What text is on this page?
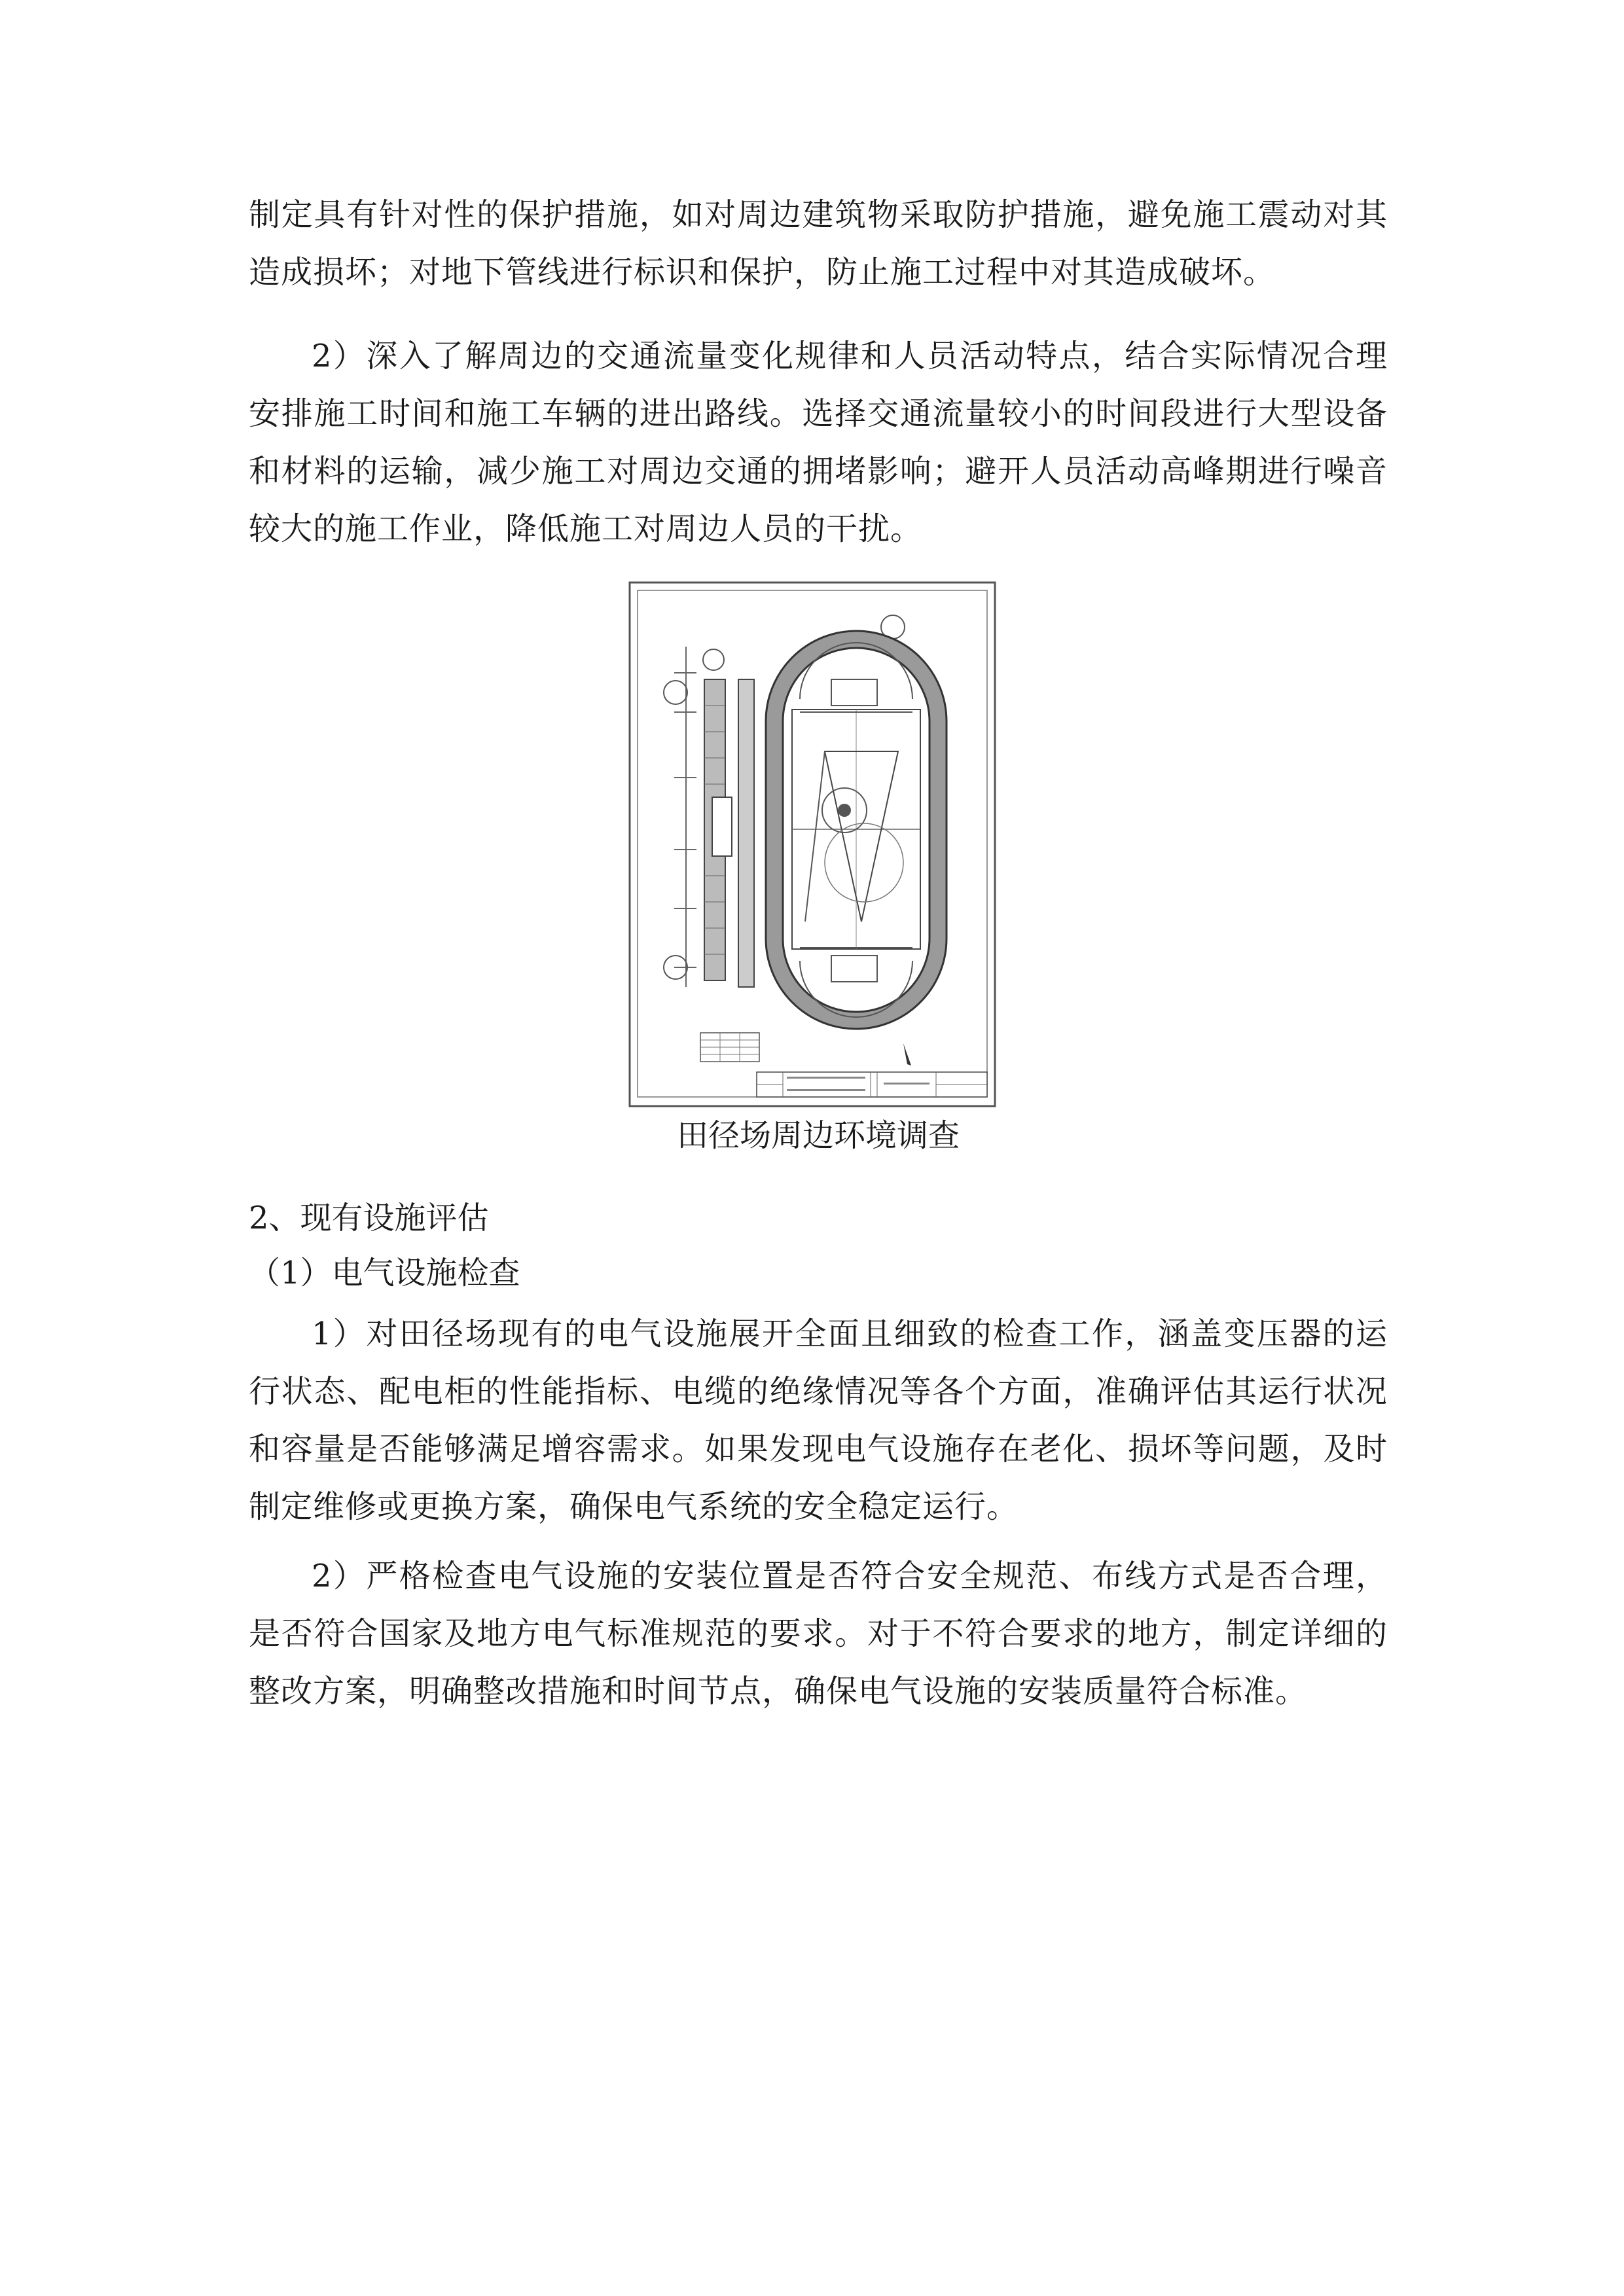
制定具有针对性的保护措施，如对周边建筑物采取防护措施，避免施工震动对其造成损坏；对地下管线进行标识和保护，防止施工过程中对其造成破坏。

2）深入了解周边的交通流量变化规律和人员活动特点，结合实际情况合理安排施工时间和施工车辆的进出路线。选择交通流量较小的时间段进行大型设备和材料的运输，减少施工对周边交通的拥堵影响；避开人员活动高峰期进行噪音较大的施工作业，降低施工对周边人员的干扰。

田径场周边环境调查

2、现有设施评估

（1）电气设施检查

1）对田径场现有的电气设施展开全面且细致的检查工作，涵盖变压器的运行状态、配电柜的性能指标、电缆的绝缘情况等各个方面，准确评估其运行状况和容量是否能够满足增容需求。如果发现电气设施存在老化、损坏等问题，及时制定维修或更换方案，确保电气系统的安全稳定运行。

2）严格检查电气设施的安装位置是否符合安全规范、布线方式是否合理，是否符合国家及地方电气标准规范的要求。对于不符合要求的地方，制定详细的整改方案，明确整改措施和时间节点，确保电气设施的安装质量符合标准。
